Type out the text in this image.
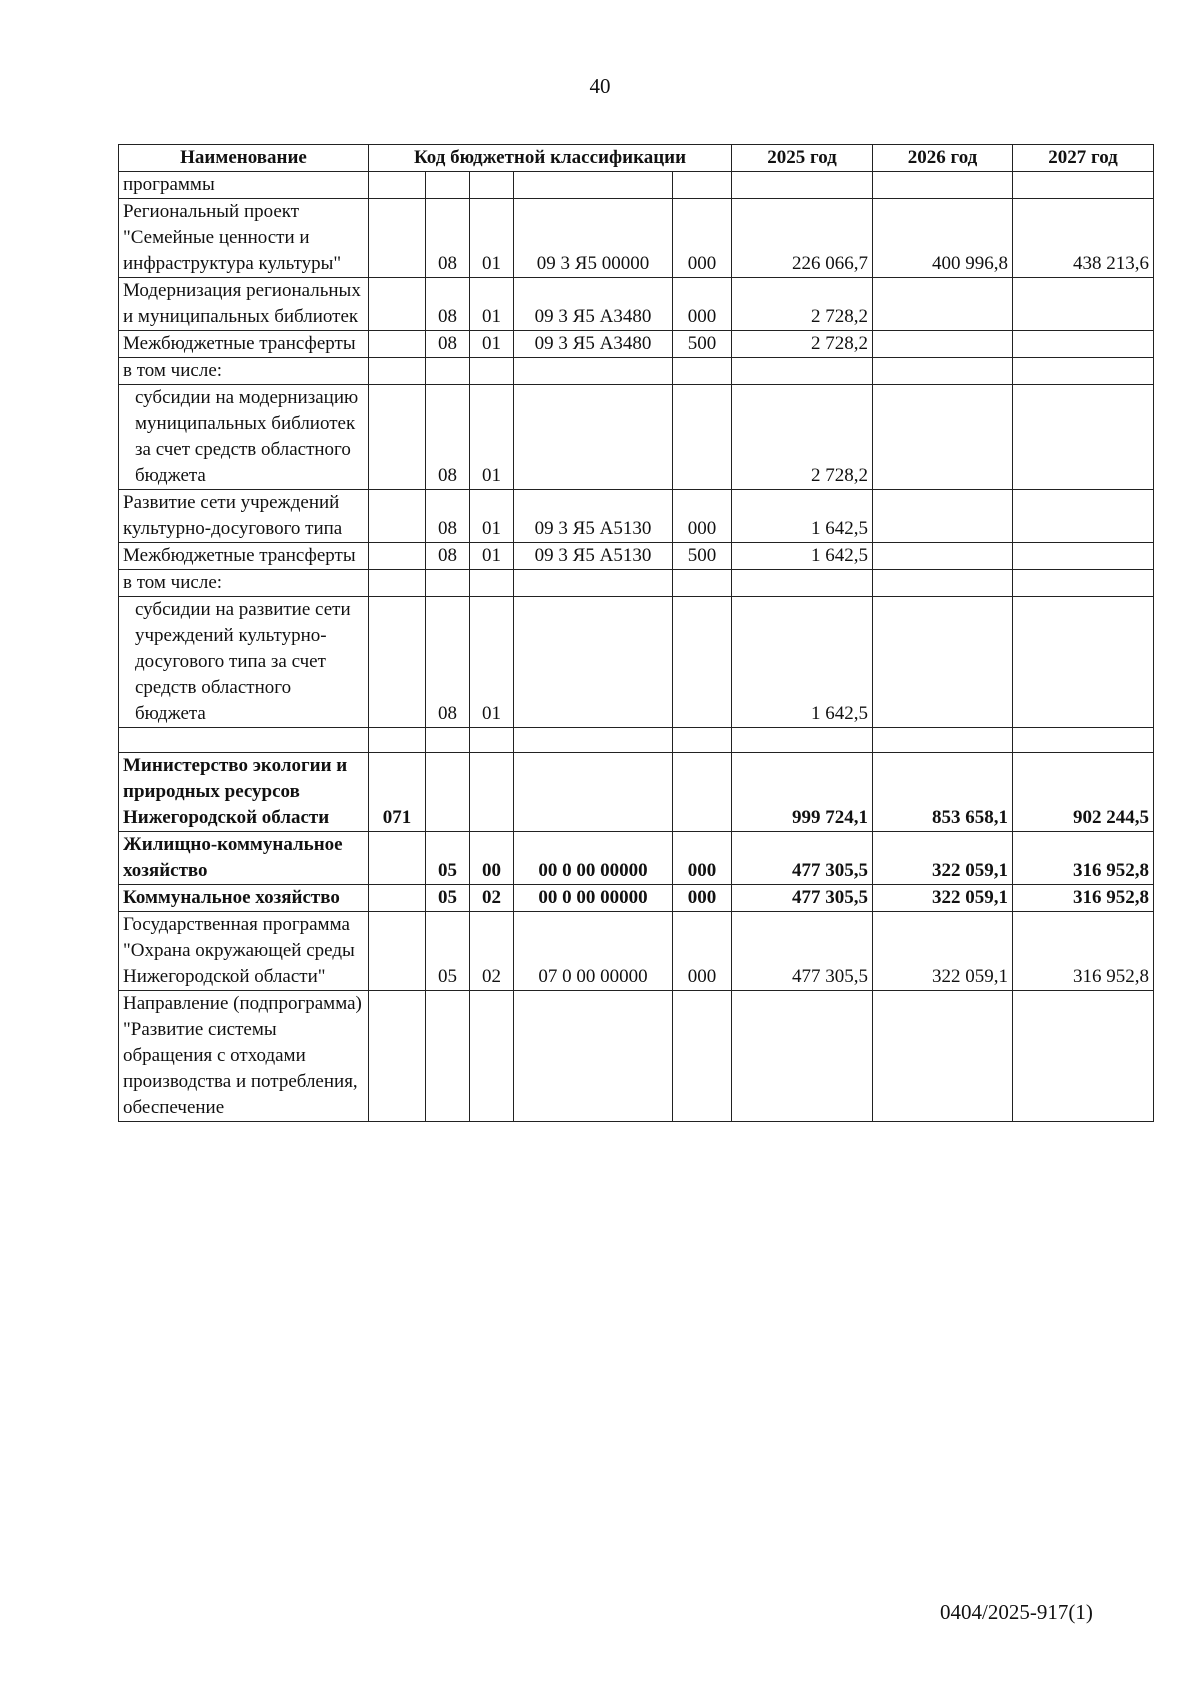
40
Наименование	Код бюджетной классификации					2025 год	2026 год	2027 год
программы								
Региональный проект "Семейные ценности и инфраструктура культуры"		08	01	09 3 Я5 00000	000	226 066,7	400 996,8	438 213,6
Модернизация региональных и муниципальных библиотек		08	01	09 3 Я5 А3480	000	2 728,2		
Межбюджетные трансферты		08	01	09 3 Я5 А3480	500	2 728,2		
в том числе:								
субсидии на модернизацию муниципальных библиотек за счет средств областного бюджета		08	01			2 728,2		
Развитие сети учреждений культурно-досугового типа		08	01	09 3 Я5 А5130	000	1 642,5		
Межбюджетные трансферты		08	01	09 3 Я5 А5130	500	1 642,5		
в том числе:								
субсидии на развитие сети учреждений культурно-досугового типа за счет средств областного бюджета		08	01			1 642,5		

Министерство экологии и природных ресурсов Нижегородской области	071					999 724,1	853 658,1	902 244,5
Жилищно-коммунальное хозяйство		05	00	00 0 00 00000	000	477 305,5	322 059,1	316 952,8
Коммунальное хозяйство		05	02	00 0 00 00000	000	477 305,5	322 059,1	316 952,8
Государственная программа "Охрана окружающей среды Нижегородской области"		05	02	07 0 00 00000	000	477 305,5	322 059,1	316 952,8
Направление (подпрограмма) "Развитие системы обращения с отходами производства и потребления, обеспечение								
0404/2025-917(1)
